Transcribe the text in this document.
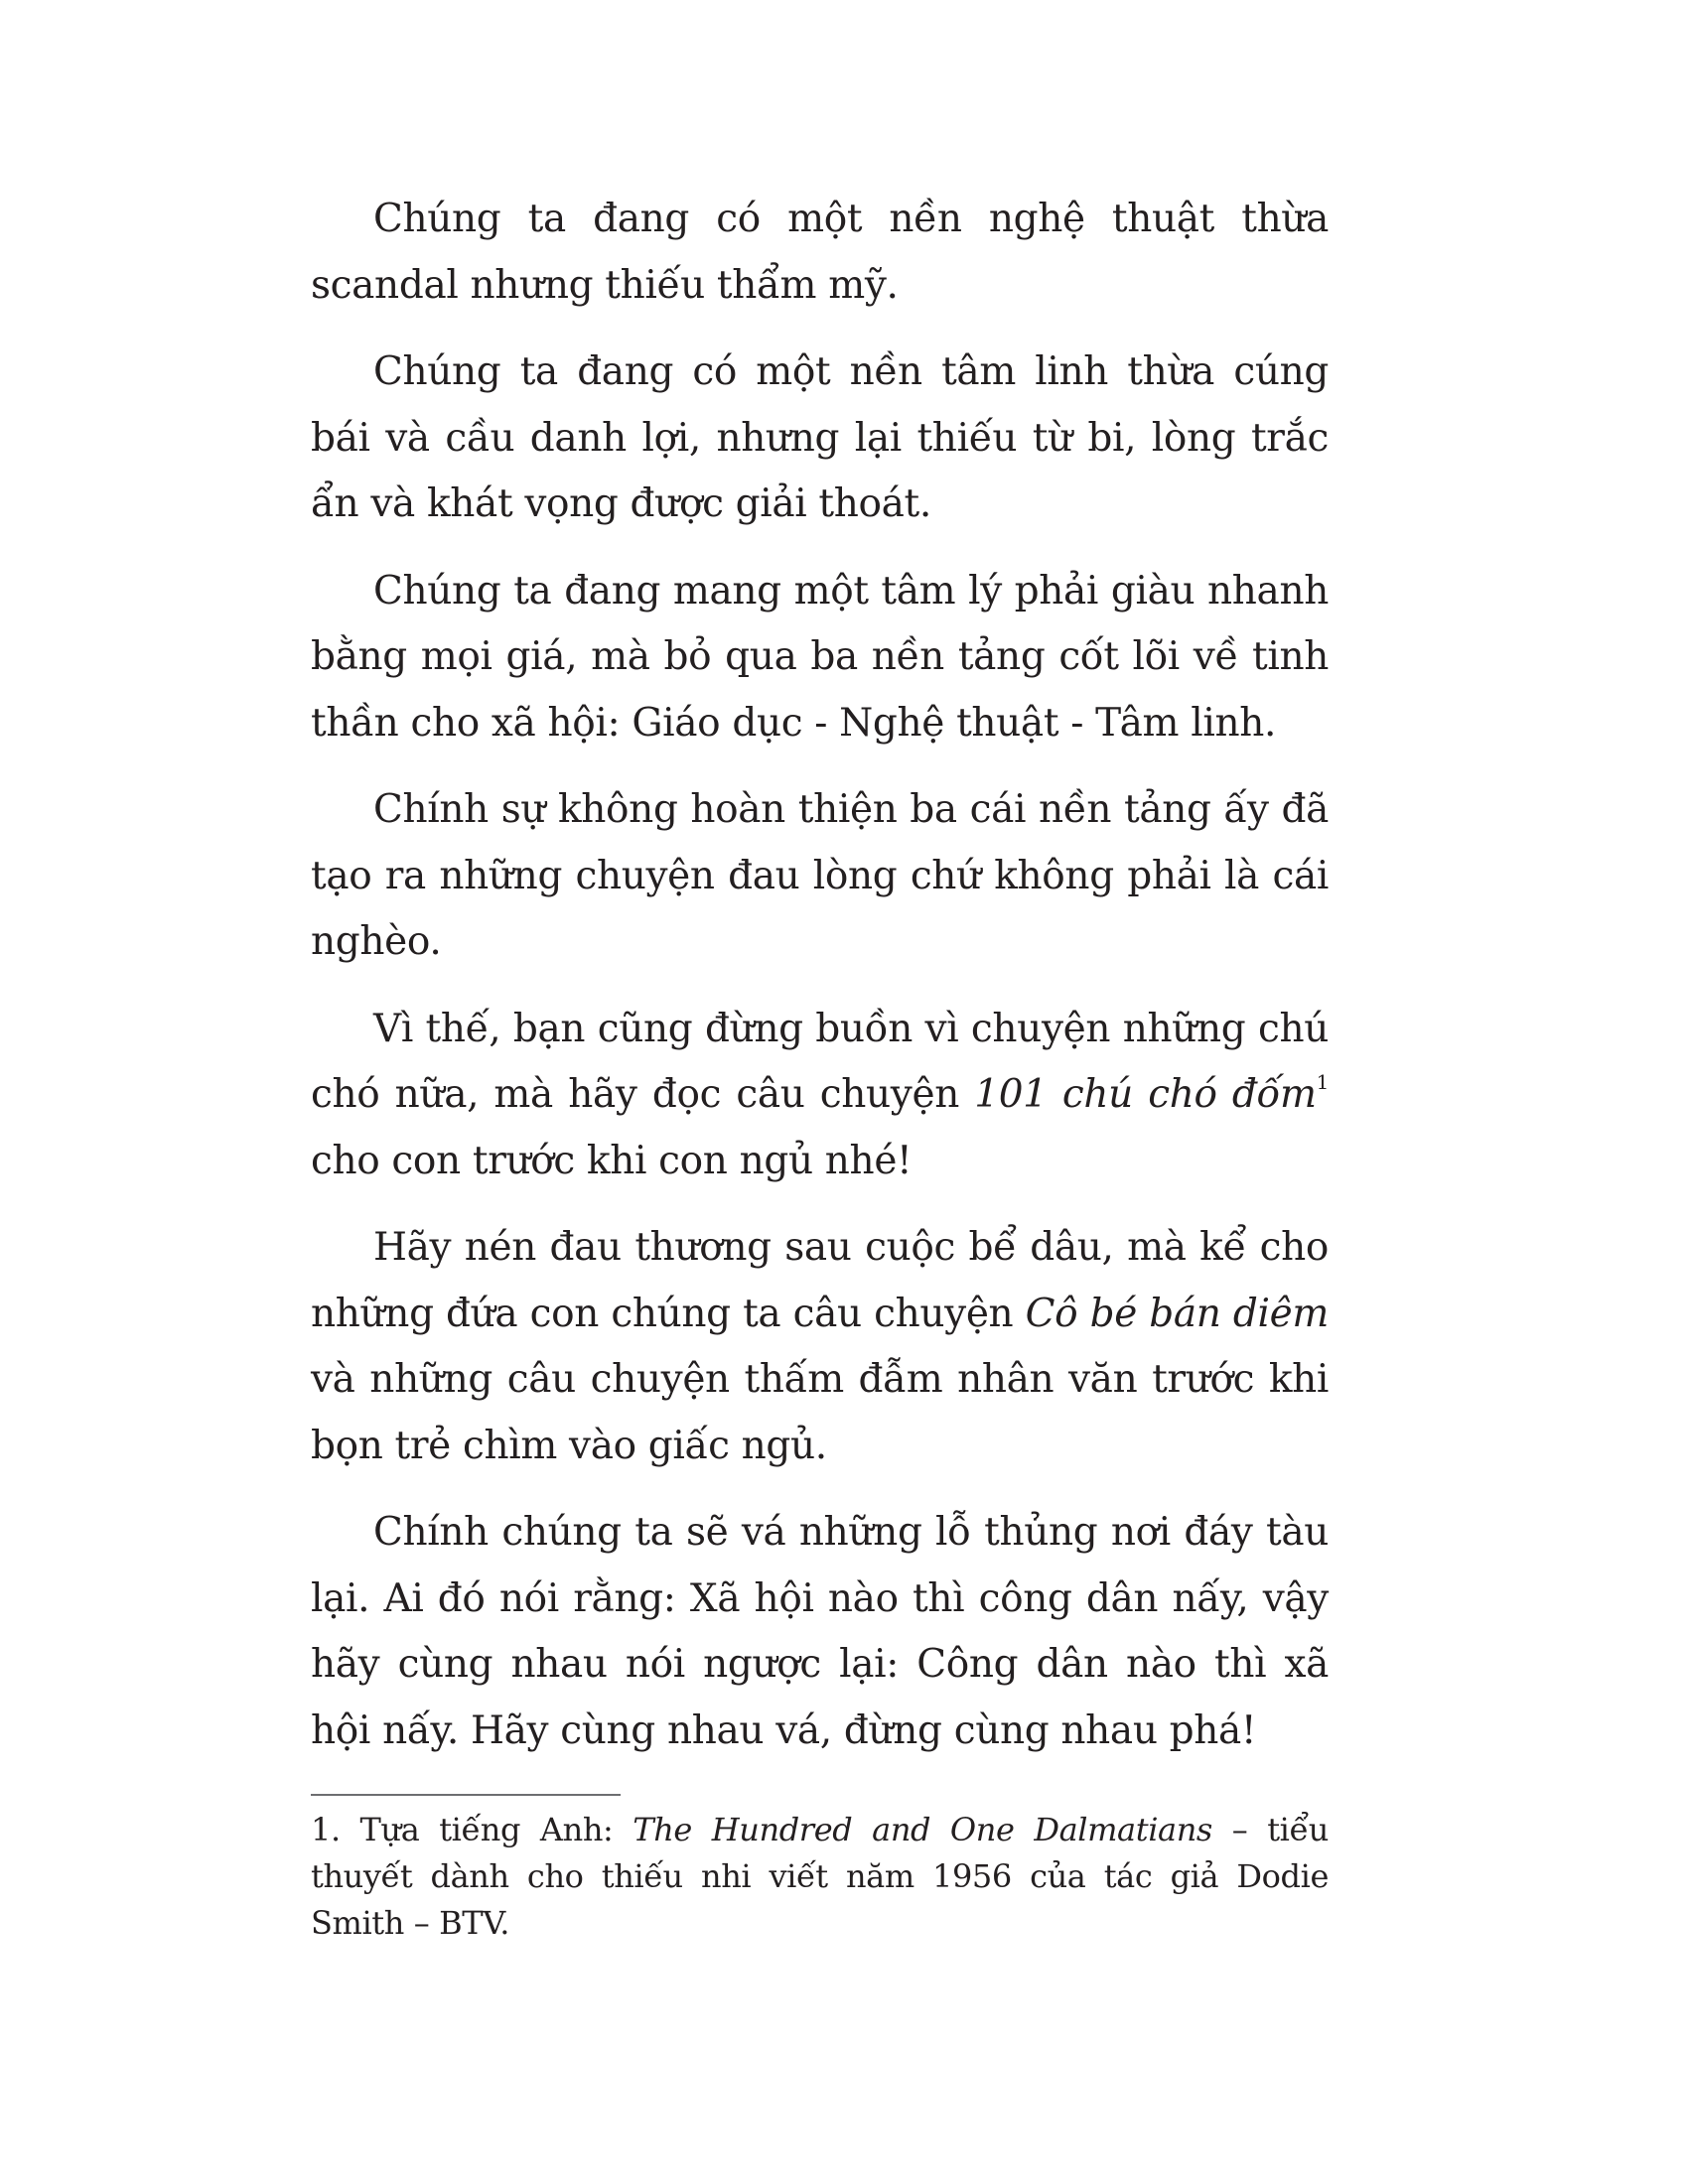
Chúng ta đang có một nền nghệ thuật thừa scandal nhưng thiếu thẩm mỹ.

Chúng ta đang có một nền tâm linh thừa cúng bái và cầu danh lợi, nhưng lại thiếu từ bi, lòng trắc ẩn và khát vọng được giải thoát.

Chúng ta đang mang một tâm lý phải giàu nhanh bằng mọi giá, mà bỏ qua ba nền tảng cốt lõi về tinh thần cho xã hội: Giáo dục - Nghệ thuật - Tâm linh.

Chính sự không hoàn thiện ba cái nền tảng ấy đã tạo ra những chuyện đau lòng chứ không phải là cái nghèo.

Vì thế, bạn cũng đừng buồn vì chuyện những chú chó nữa, mà hãy đọc câu chuyện 101 chú chó đốm$^1$ cho con trước khi con ngủ nhé!

Hãy nén đau thương sau cuộc bể dâu, mà kể cho những đứa con chúng ta câu chuyện Cô bé bán diêm và những câu chuyện thấm đẫm nhân văn trước khi bọn trẻ chìm vào giấc ngủ.

Chính chúng ta sẽ vá những lỗ thủng nơi đáy tàu lại. Ai đó nói rằng: Xã hội nào thì công dân nấy, vậy hãy cùng nhau nói ngược lại: Công dân nào thì xã hội nấy. Hãy cùng nhau vá, đừng cùng nhau phá!

1. Tựa tiếng Anh: The Hundred and One Dalmatians – tiểu thuyết dành cho thiếu nhi viết năm 1956 của tác giả Dodie Smith – BTV.
